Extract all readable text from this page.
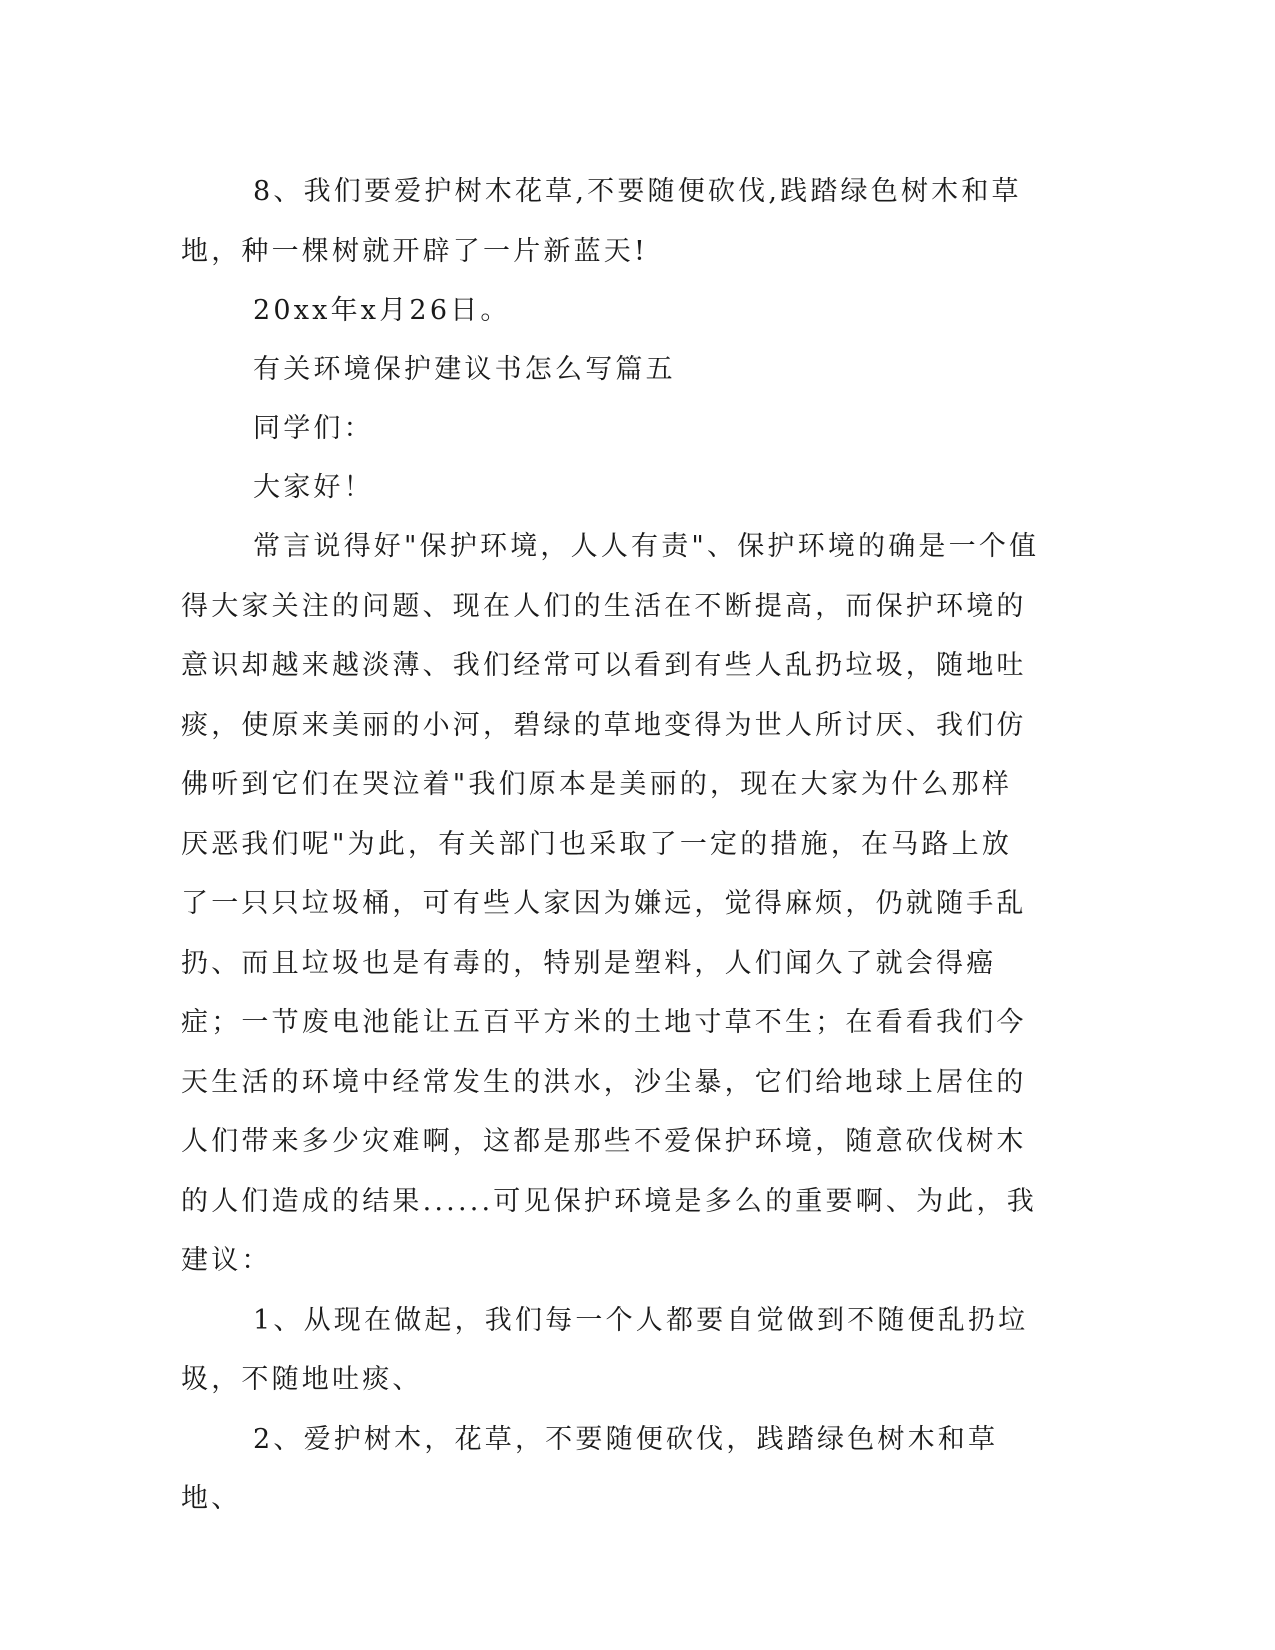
8、我们要爱护树木花草,不要随便砍伐,践踏绿色树木和草地，种一棵树就开辟了一片新蓝天!

20xx年x月26日。

有关环境保护建议书怎么写篇五

同学们：

大家好！

常言说得好"保护环境，人人有责"、保护环境的确是一个值得大家关注的问题、现在人们的生活在不断提高，而保护环境的意识却越来越淡薄、我们经常可以看到有些人乱扔垃圾，随地吐痰，使原来美丽的小河，碧绿的草地变得为世人所讨厌、我们仿佛听到它们在哭泣着"我们原本是美丽的，现在大家为什么那样厌恶我们呢"为此，有关部门也采取了一定的措施，在马路上放了一只只垃圾桶，可有些人家因为嫌远，觉得麻烦，仍就随手乱扔、而且垃圾也是有毒的，特别是塑料，人们闻久了就会得癌症；一节废电池能让五百平方米的土地寸草不生；在看看我们今天生活的环境中经常发生的洪水，沙尘暴，它们给地球上居住的人们带来多少灾难啊，这都是那些不爱保护环境，随意砍伐树木的人们造成的结果......可见保护环境是多么的重要啊、为此，我建议：

1、从现在做起，我们每一个人都要自觉做到不随便乱扔垃圾，不随地吐痰、

2、爱护树木，花草，不要随便砍伐，践踏绿色树木和草地、
